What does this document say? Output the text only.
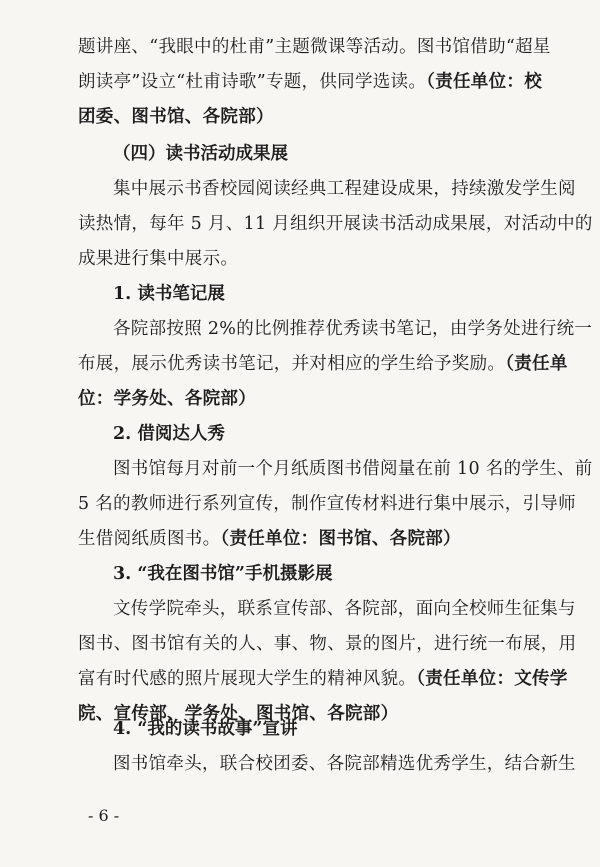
题讲座、“我眼中的杜甫”主题微课等活动。图书馆借助“超星
朗读亭”设立“杜甫诗歌”专题，供同学选读。（责任单位：校
团委、图书馆、各院部）
（四）读书活动成果展
集中展示书香校园阅读经典工程建设成果，持续激发学生阅
读热情，每年 5 月、11 月组织开展读书活动成果展，对活动中的
成果进行集中展示。
1. 读书笔记展
各院部按照 2%的比例推荐优秀读书笔记，由学务处进行统一
布展，展示优秀读书笔记，并对相应的学生给予奖励。（责任单
位：学务处、各院部）
2. 借阅达人秀
图书馆每月对前一个月纸质图书借阅量在前 10 名的学生、前
5 名的教师进行系列宣传，制作宣传材料进行集中展示，引导师
生借阅纸质图书。（责任单位：图书馆、各院部）
3. “我在图书馆”手机摄影展
文传学院牵头，联系宣传部、各院部，面向全校师生征集与
图书、图书馆有关的人、事、物、景的图片，进行统一布展，用
富有时代感的照片展现大学生的精神风貌。（责任单位：文传学
院、宣传部、学务处、图书馆、各院部）
4. “我的读书故事”宣讲
图书馆牵头，联合校团委、各院部精选优秀学生，结合新生
- 6 -
